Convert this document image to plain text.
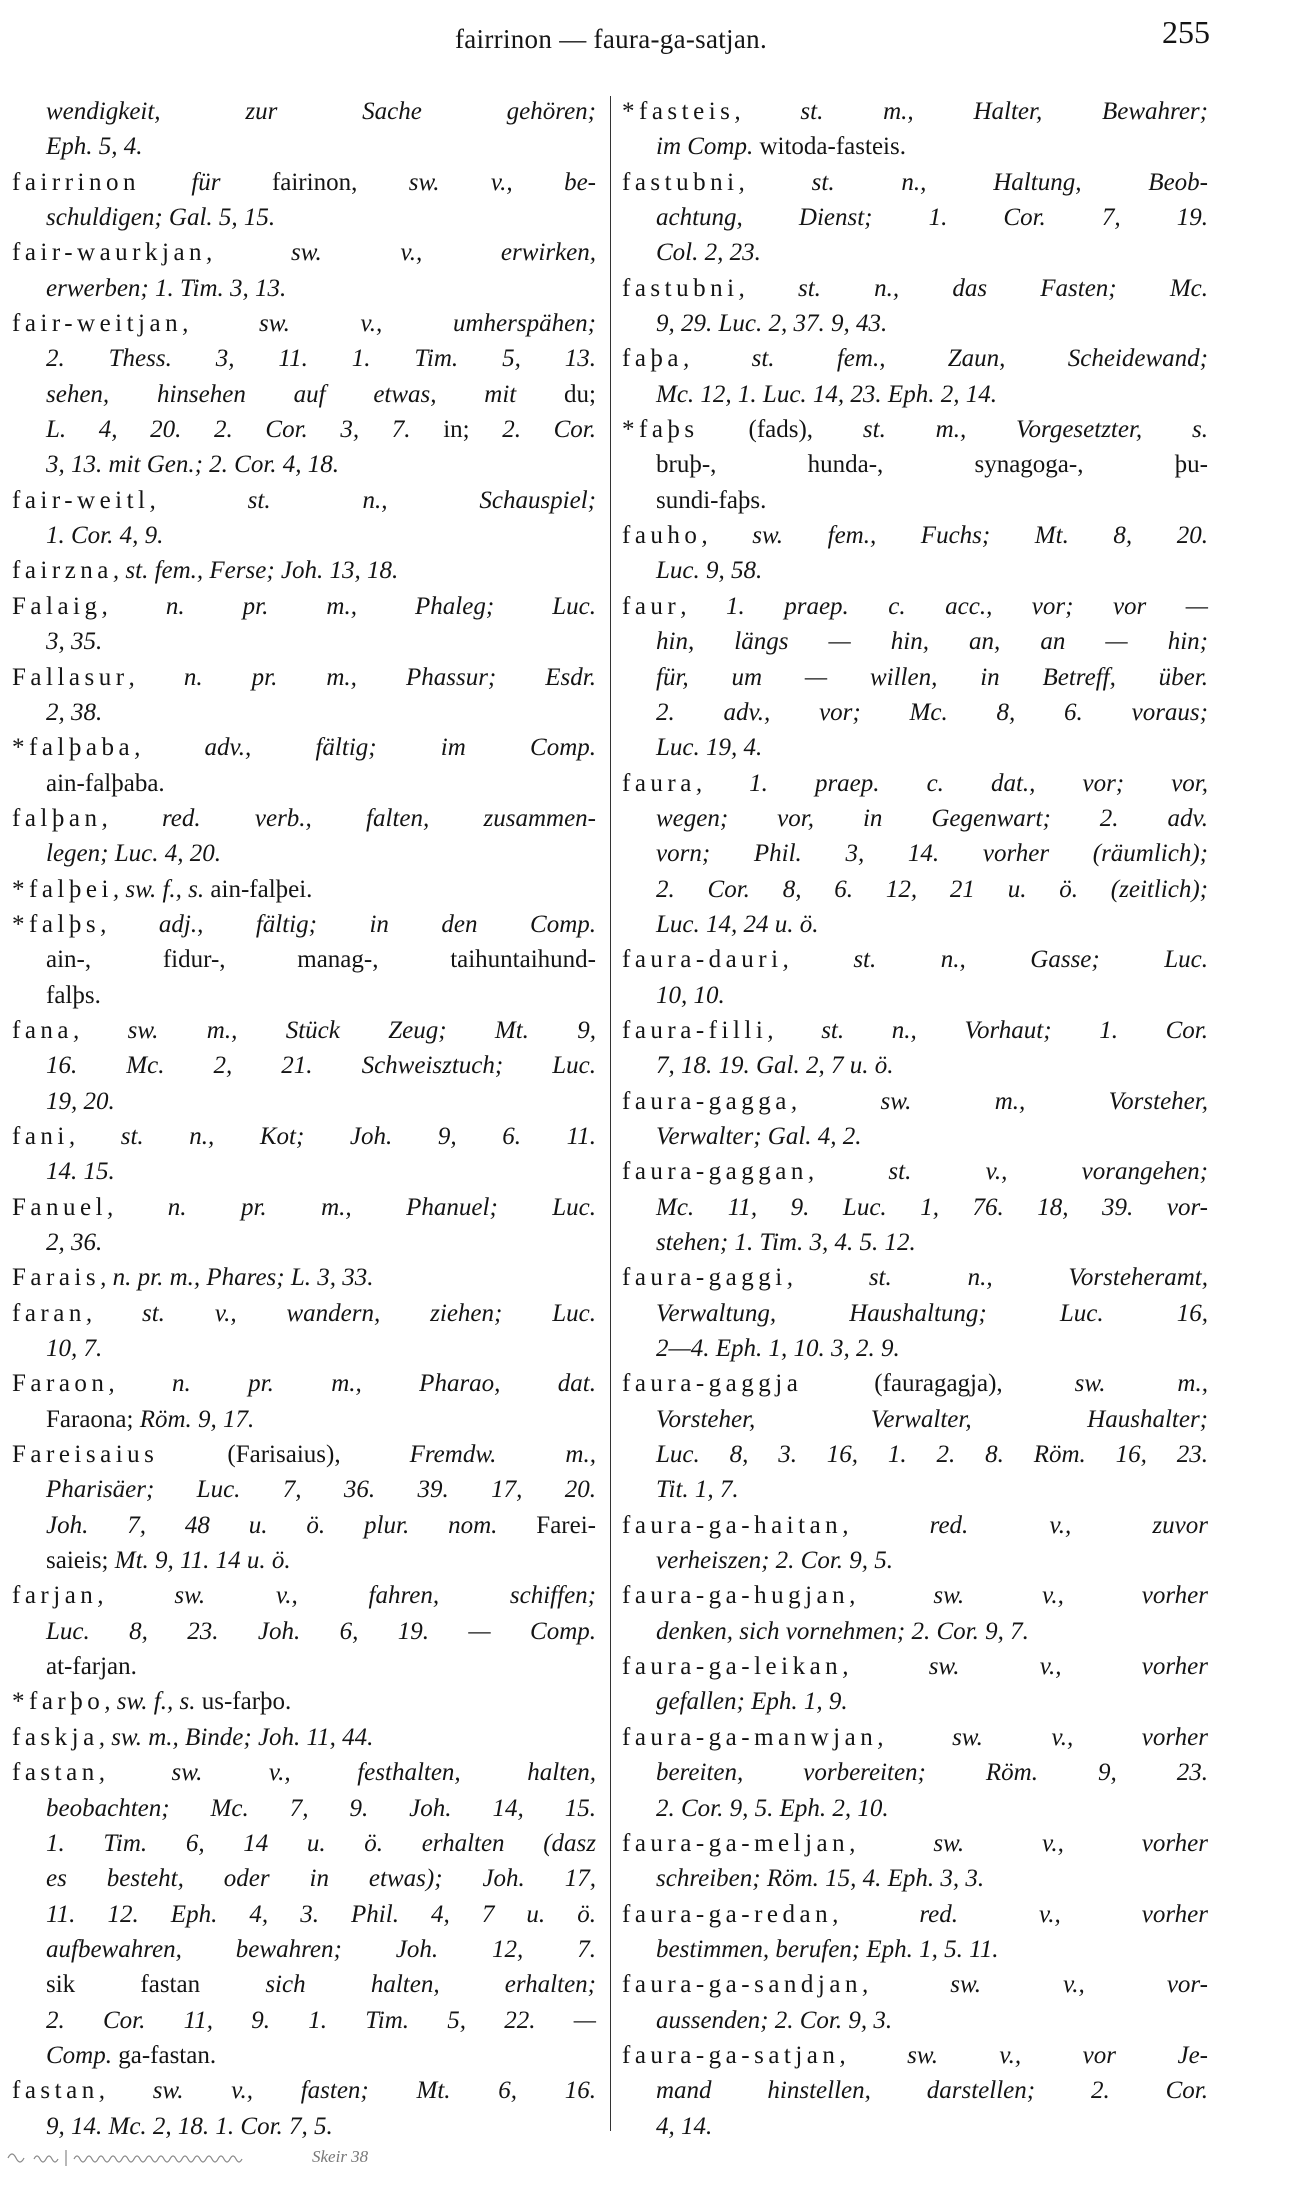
fairrinon — faura-ga-satjan.	255
wendigkeit, zur Sache gehören;
Eph. 5, 4.
fairrinon für fairinon, sw. v., be-
schuldigen; Gal. 5, 15.
fair-waurkjan, sw. v., erwirken,
erwerben; 1. Tim. 3, 13.
fair-weitjan, sw. v., umherspähen;
2. Thess. 3, 11. 1. Tim. 5, 13.
sehen, hinsehen auf etwas, mit du;
L. 4, 20. 2. Cor. 3, 7. in; 2. Cor.
3, 13. mit Gen.; 2. Cor. 4, 18.
fair-weitl, st. n., Schauspiel;
1. Cor. 4, 9.
fairzna, st. fem., Ferse; Joh. 13, 18.
Falaig, n. pr. m., Phaleg; Luc.
3, 35.
Fallasur, n. pr. m., Phassur; Esdr.
2, 38.
*falþaba, adv., fältig; im Comp.
ain-falþaba.
falþan, red. verb., falten, zusammen-
legen; Luc. 4, 20.
*falþei, sw. f., s. ain-falþei.
*falþs, adj., fältig; in den Comp.
ain-, fidur-, manag-, taihuntaihund-
falþs.
fana, sw. m., Stück Zeug; Mt. 9,
16. Mc. 2, 21. Schweisztuch; Luc.
19, 20.
fani, st. n., Kot; Joh. 9, 6. 11.
14. 15.
Fanuel, n. pr. m., Phanuel; Luc.
2, 36.
Farais, n. pr. m., Phares; L. 3, 33.
faran, st. v., wandern, ziehen; Luc.
10, 7.
Faraon, n. pr. m., Pharao, dat.
Faraona; Röm. 9, 17.
Fareisaius (Farisaius), Fremdw. m.,
Pharisäer; Luc. 7, 36. 39. 17, 20.
Joh. 7, 48 u. ö. plur. nom. Farei-
saieis; Mt. 9, 11. 14 u. ö.
farjan, sw. v., fahren, schiffen;
Luc. 8, 23. Joh. 6, 19. — Comp.
at-farjan.
*farþo, sw. f., s. us-farþo.
faskja, sw. m., Binde; Joh. 11, 44.
fastan, sw. v., festhalten, halten,
beobachten; Mc. 7, 9. Joh. 14, 15.
1. Tim. 6, 14 u. ö. erhalten (dasz
es besteht, oder in etwas); Joh. 17,
11. 12. Eph. 4, 3. Phil. 4, 7 u. ö.
aufbewahren, bewahren; Joh. 12, 7.
sik fastan sich halten, erhalten;
2. Cor. 11, 9. 1. Tim. 5, 22. —
Comp. ga-fastan.
fastan, sw. v., fasten; Mt. 6, 16.
9, 14. Mc. 2, 18. 1. Cor. 7, 5.
*fasteis, st. m., Halter, Bewahrer;
im Comp. witoda-fasteis.
fastubni, st. n., Haltung, Beob-
achtung, Dienst; 1. Cor. 7, 19.
Col. 2, 23.
fastubni, st. n., das Fasten; Mc.
9, 29. Luc. 2, 37. 9, 43.
faþa, st. fem., Zaun, Scheidewand;
Mc. 12, 1. Luc. 14, 23. Eph. 2, 14.
*faþs (fads), st. m., Vorgesetzter, s.
bruþ-, hunda-, synagoga-, þu-
sundi-faþs.
fauho, sw. fem., Fuchs; Mt. 8, 20.
Luc. 9, 58.
faur, 1. praep. c. acc., vor; vor —
hin, längs — hin, an, an — hin;
für, um — willen, in Betreff, über.
2. adv., vor; Mc. 8, 6. voraus;
Luc. 19, 4.
faura, 1. praep. c. dat., vor; vor,
wegen; vor, in Gegenwart; 2. adv.
vorn; Phil. 3, 14. vorher (räumlich);
2. Cor. 8, 6. 12, 21 u. ö. (zeitlich);
Luc. 14, 24 u. ö.
faura-dauri, st. n., Gasse; Luc.
10, 10.
faura-filli, st. n., Vorhaut; 1. Cor.
7, 18. 19. Gal. 2, 7 u. ö.
faura-gagga, sw. m., Vorsteher,
Verwalter; Gal. 4, 2.
faura-gaggan, st. v., vorangehen;
Mc. 11, 9. Luc. 1, 76. 18, 39. vor-
stehen; 1. Tim. 3, 4. 5. 12.
faura-gaggi, st. n., Vorsteheramt,
Verwaltung, Haushaltung; Luc. 16,
2—4. Eph. 1, 10. 3, 2. 9.
faura-gaggja (fauragagja), sw. m.,
Vorsteher, Verwalter, Haushalter;
Luc. 8, 3. 16, 1. 2. 8. Röm. 16, 23.
Tit. 1, 7.
faura-ga-haitan, red. v., zuvor
verheiszen; 2. Cor. 9, 5.
faura-ga-hugjan, sw. v., vorher
denken, sich vornehmen; 2. Cor. 9, 7.
faura-ga-leikan, sw. v., vorher
gefallen; Eph. 1, 9.
faura-ga-manwjan, sw. v., vorher
bereiten, vorbereiten; Röm. 9, 23.
2. Cor. 9, 5. Eph. 2, 10.
faura-ga-meljan, sw. v., vorher
schreiben; Röm. 15, 4. Eph. 3, 3.
faura-ga-redan, red. v., vorher
bestimmen, berufen; Eph. 1, 5. 11.
faura-ga-sandjan, sw. v., vor-
aussenden; 2. Cor. 9, 3.
faura-ga-satjan, sw. v., vor Je-
mand hinstellen, darstellen; 2. Cor.
4, 14.
Skeir 38
